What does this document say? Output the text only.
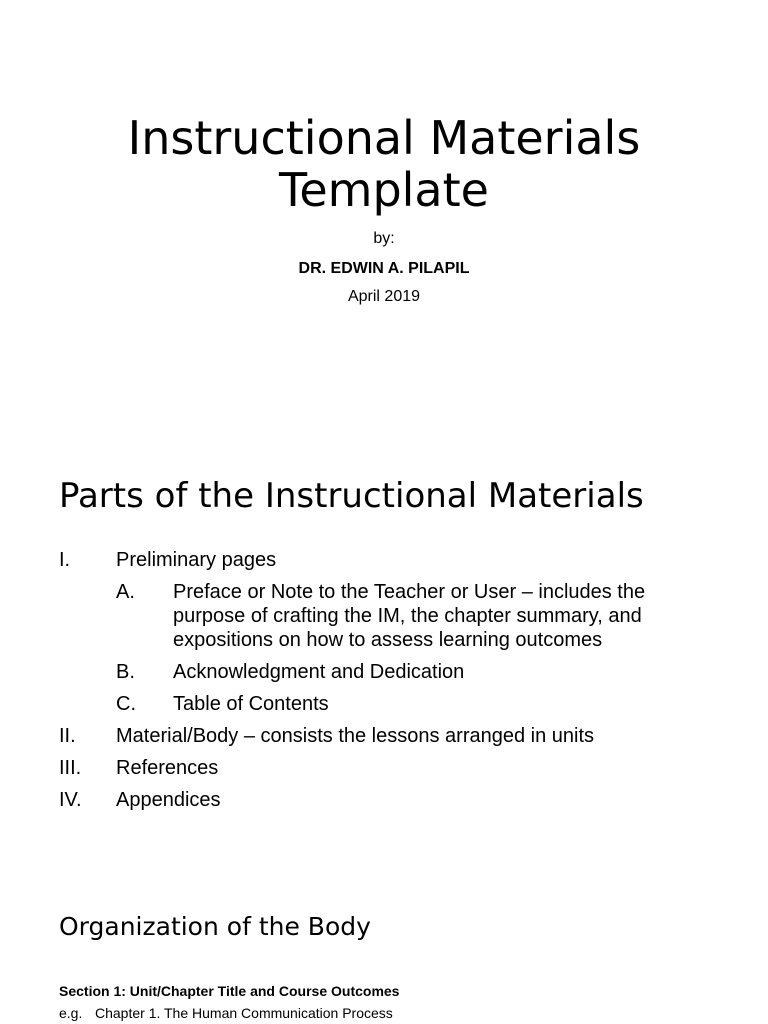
Instructional Materials
Template
by:
DR. EDWIN A. PILAPIL
April 2019
Parts of the Instructional Materials
I.	Preliminary pages
A.	Preface or Note to the Teacher or User – includes the purpose of crafting the IM, the chapter summary, and expositions on how to assess learning outcomes
B.	Acknowledgment and Dedication
C.	Table of Contents
II.	Material/Body – consists the lessons arranged in units
III.	References
IV.	Appendices
Organization of the Body
Section 1: Unit/Chapter Title and Course Outcomes
e.g. Chapter 1. The Human Communication Process
